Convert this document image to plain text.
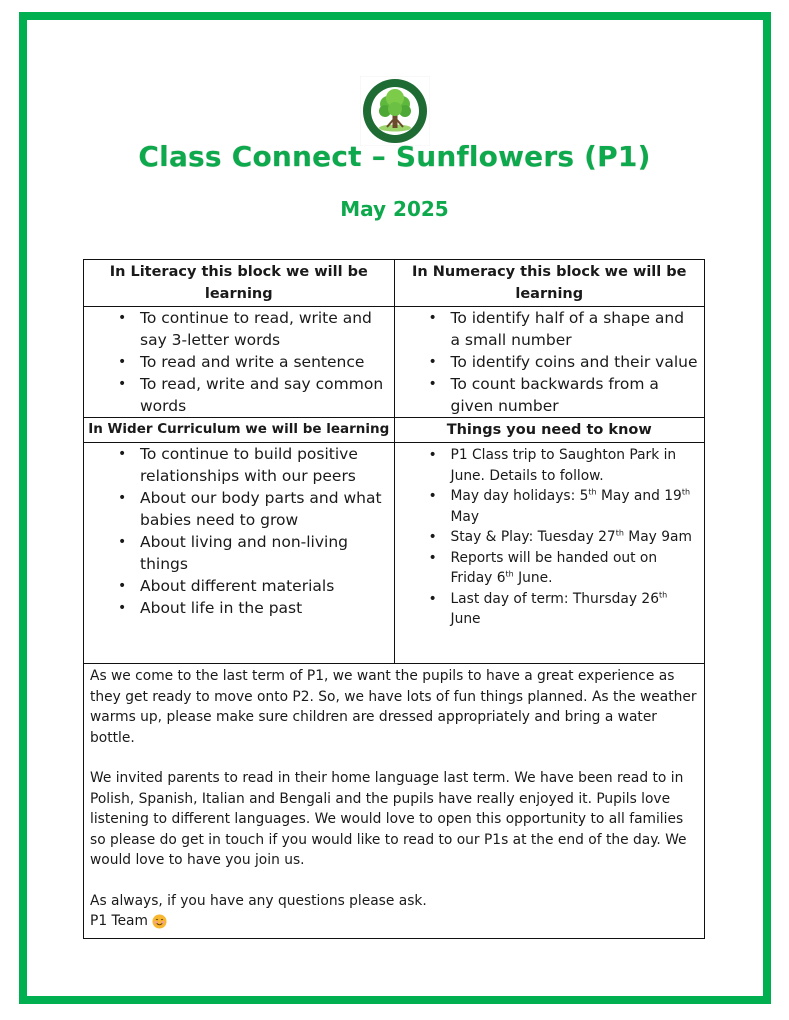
Class Connect – Sunflowers (P1)
May 2025
In Literacy this block we will be learning	In Numeracy this block we will be learning

• To continue to read, write and say 3-letter words
• To read and write a sentence
• To read, write and say common words

• To identify half of a shape and a small number
• To identify coins and their value
• To count backwards from a given number

In Wider Curriculum we will be learning	Things you need to know

• To continue to build positive relationships with our peers
• About our body parts and what babies need to grow
• About living and non-living things
• About different materials
• About life in the past

• P1 Class trip to Saughton Park in June. Details to follow.
• May day holidays: 5th May and 19th May
• Stay & Play: Tuesday 27th May 9am
• Reports will be handed out on Friday 6th June.
• Last day of term: Thursday 26th June

As we come to the last term of P1, we want the pupils to have a great experience as they get ready to move onto P2. So, we have lots of fun things planned. As the weather warms up, please make sure children are dressed appropriately and bring a water bottle.

We invited parents to read in their home language last term. We have been read to in Polish, Spanish, Italian and Bengali and the pupils have really enjoyed it. Pupils love listening to different languages. We would love to open this opportunity to all families so please do get in touch if you would like to read to our P1s at the end of the day. We would love to have you join us.

As always, if you have any questions please ask.
P1 Team	
